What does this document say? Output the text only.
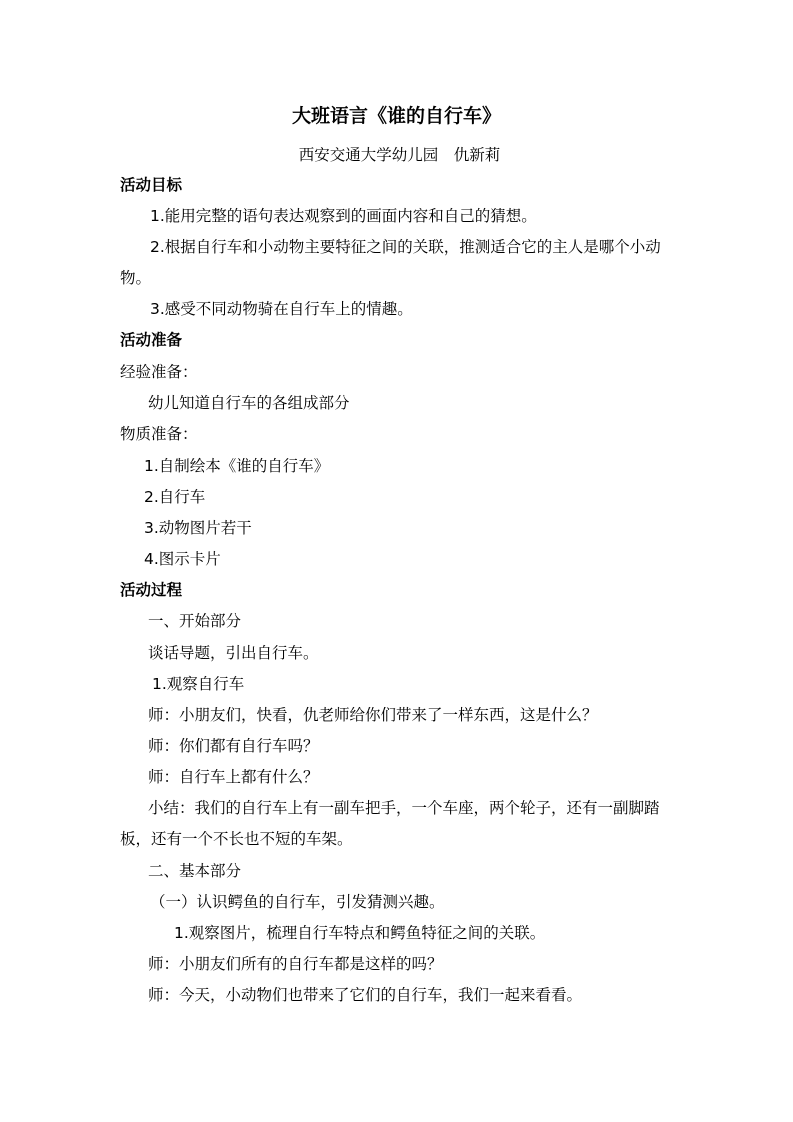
大班语言《谁的自行车》
西安交通大学幼儿园　仇新莉
活动目标
1.能用完整的语句表达观察到的画面内容和自己的猜想。
2.根据自行车和小动物主要特征之间的关联，推测适合它的主人是哪个小动
物。
3.感受不同动物骑在自行车上的情趣。
活动准备
经验准备：
幼儿知道自行车的各组成部分
物质准备：
1.自制绘本《谁的自行车》
2.自行车
3.动物图片若干
4.图示卡片
活动过程
一、开始部分
谈话导题，引出自行车。
1.观察自行车
师：小朋友们，快看，仇老师给你们带来了一样东西，这是什么？
师：你们都有自行车吗？
师：自行车上都有什么？
小结：我们的自行车上有一副车把手，一个车座，两个轮子，还有一副脚踏
板，还有一个不长也不短的车架。
二、基本部分
（一）认识鳄鱼的自行车，引发猜测兴趣。
1.观察图片，梳理自行车特点和鳄鱼特征之间的关联。
师：小朋友们所有的自行车都是这样的吗？
师：今天，小动物们也带来了它们的自行车，我们一起来看看。
